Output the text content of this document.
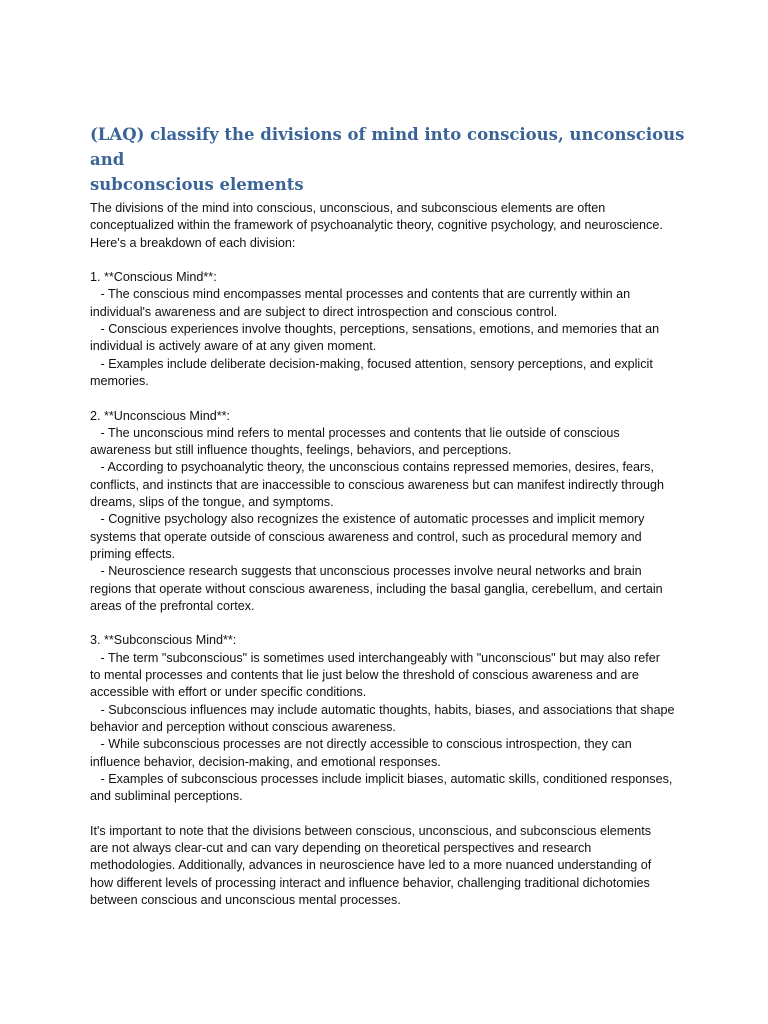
(LAQ) classify the divisions of mind into conscious, unconscious and
subconscious elements
The divisions of the mind into conscious, unconscious, and subconscious elements are often
conceptualized within the framework of psychoanalytic theory, cognitive psychology, and neuroscience.
Here's a breakdown of each division:
1. **Conscious Mind**:
- The conscious mind encompasses mental processes and contents that are currently within an
individual's awareness and are subject to direct introspection and conscious control.
- Conscious experiences involve thoughts, perceptions, sensations, emotions, and memories that an
individual is actively aware of at any given moment.
- Examples include deliberate decision-making, focused attention, sensory perceptions, and explicit
memories.
2. **Unconscious Mind**:
- The unconscious mind refers to mental processes and contents that lie outside of conscious
awareness but still influence thoughts, feelings, behaviors, and perceptions.
- According to psychoanalytic theory, the unconscious contains repressed memories, desires, fears,
conflicts, and instincts that are inaccessible to conscious awareness but can manifest indirectly through
dreams, slips of the tongue, and symptoms.
- Cognitive psychology also recognizes the existence of automatic processes and implicit memory
systems that operate outside of conscious awareness and control, such as procedural memory and
priming effects.
- Neuroscience research suggests that unconscious processes involve neural networks and brain
regions that operate without conscious awareness, including the basal ganglia, cerebellum, and certain
areas of the prefrontal cortex.
3. **Subconscious Mind**:
- The term "subconscious" is sometimes used interchangeably with "unconscious" but may also refer
to mental processes and contents that lie just below the threshold of conscious awareness and are
accessible with effort or under specific conditions.
- Subconscious influences may include automatic thoughts, habits, biases, and associations that shape
behavior and perception without conscious awareness.
- While subconscious processes are not directly accessible to conscious introspection, they can
influence behavior, decision-making, and emotional responses.
- Examples of subconscious processes include implicit biases, automatic skills, conditioned responses,
and subliminal perceptions.
It's important to note that the divisions between conscious, unconscious, and subconscious elements
are not always clear-cut and can vary depending on theoretical perspectives and research
methodologies. Additionally, advances in neuroscience have led to a more nuanced understanding of
how different levels of processing interact and influence behavior, challenging traditional dichotomies
between conscious and unconscious mental processes.
